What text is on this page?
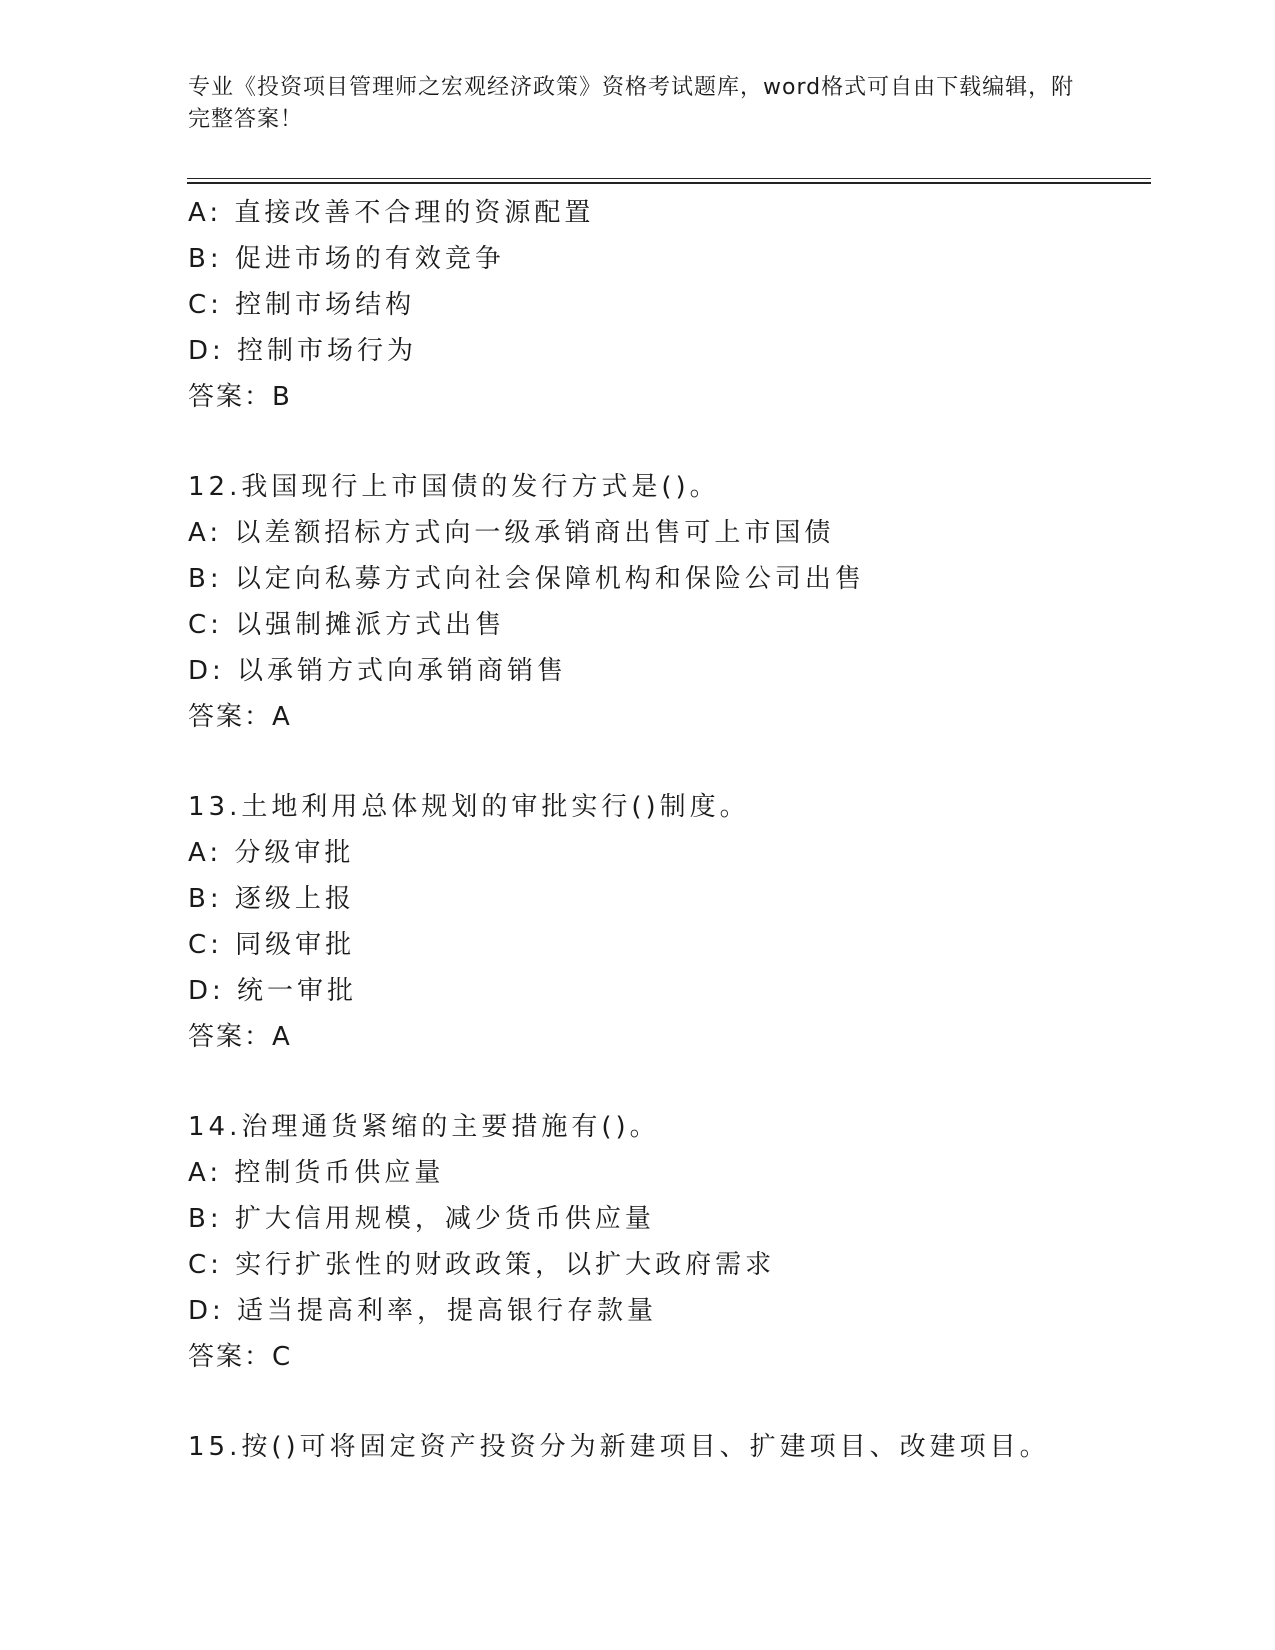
专业《投资项目管理师之宏观经济政策》资格考试题库，word格式可自由下载编辑，附完整答案！
A: 直接改善不合理的资源配置
B: 促进市场的有效竞争
C: 控制市场结构
D: 控制市场行为
答案：B
12.我国现行上市国债的发行方式是()。
A: 以差额招标方式向一级承销商出售可上市国债
B: 以定向私募方式向社会保障机构和保险公司出售
C: 以强制摊派方式出售
D: 以承销方式向承销商销售
答案：A
13.土地利用总体规划的审批实行()制度。
A: 分级审批
B: 逐级上报
C: 同级审批
D: 统一审批
答案：A
14.治理通货紧缩的主要措施有()。
A: 控制货币供应量
B: 扩大信用规模，减少货币供应量
C: 实行扩张性的财政政策，以扩大政府需求
D: 适当提高利率，提高银行存款量
答案：C
15.按()可将固定资产投资分为新建项目、扩建项目、改建项目。
